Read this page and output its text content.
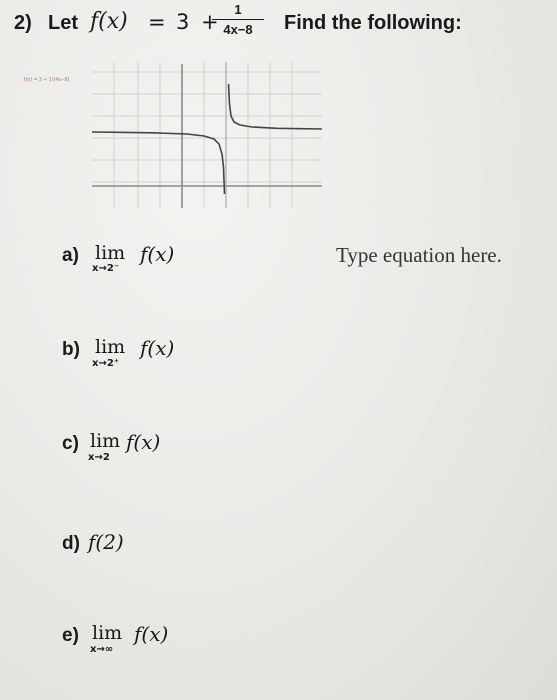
2) Let f(x) = 3 +
1
4x−8	Find the following:
f(x) = 3 + 1/(4x−8)
a) lim
x→2⁻
f(x)	Type equation here.
b) lim
x→2⁺
f(x)
c) lim
x→2
f(x)
d) f(2)
e) lim
x→∞
f(x)
